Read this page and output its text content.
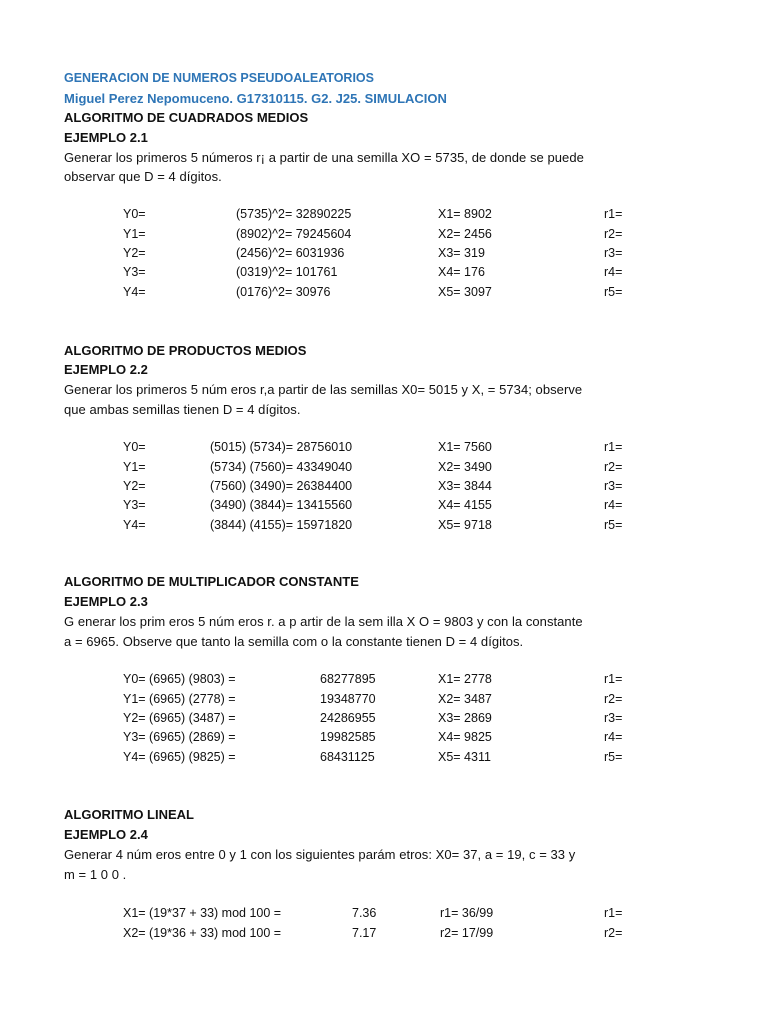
GENERACION DE NUMEROS PSEUDOALEATORIOS
Miguel Perez Nepomuceno. G17310115. G2. J25. SIMULACION
ALGORITMO DE CUADRADOS MEDIOS
EJEMPLO 2.1
Generar los primeros 5 números r¡ a partir de una semilla XO = 5735, de donde se puede
observar que D = 4 dígitos.
Y0=	(5735)^2= 32890225	X1= 8902	r1=
Y1=	(8902)^2= 79245604	X2= 2456	r2=
Y2=	(2456)^2= 6031936	X3= 319	r3=
Y3=	(0319)^2= 101761	X4= 176	r4=
Y4=	(0176)^2= 30976	X5= 3097	r5=
ALGORITMO DE PRODUCTOS MEDIOS
EJEMPLO 2.2
Generar los primeros 5 núm eros r,a partir de las semillas X0= 5015 y X, = 5734; observe
que ambas semillas tienen D = 4 dígitos.
Y0=	(5015) (5734)= 28756010	X1= 7560	r1=
Y1=	(5734) (7560)= 43349040	X2= 3490	r2=
Y2=	(7560) (3490)= 26384400	X3= 3844	r3=
Y3=	(3490) (3844)= 13415560	X4= 4155	r4=
Y4=	(3844) (4155)= 15971820	X5= 9718	r5=
ALGORITMO DE MULTIPLICADOR CONSTANTE
EJEMPLO 2.3
G enerar los prim eros 5 núm eros r. a p artir de la sem illa X O = 9803 y con la constante
a = 6965. Observe que tanto la semilla com o la constante tienen D = 4 dígitos.
Y0= (6965) (9803) =	68277895	X1= 2778	r1=
Y1= (6965) (2778) =	19348770	X2= 3487	r2=
Y2= (6965) (3487) =	24286955	X3= 2869	r3=
Y3= (6965) (2869) =	19982585	X4= 9825	r4=
Y4= (6965) (9825) =	68431125	X5= 4311	r5=
ALGORITMO LINEAL
EJEMPLO 2.4
Generar 4 núm eros entre 0 y 1 con los siguientes parám etros: X0= 37, a = 19, c = 33 y
m = 1 0 0 .
X1= (19*37 + 33) mod 100 =	7.36	r1= 36/99	r1=
X2= (19*36 + 33) mod 100 =	7.17	r2= 17/99	r2=
